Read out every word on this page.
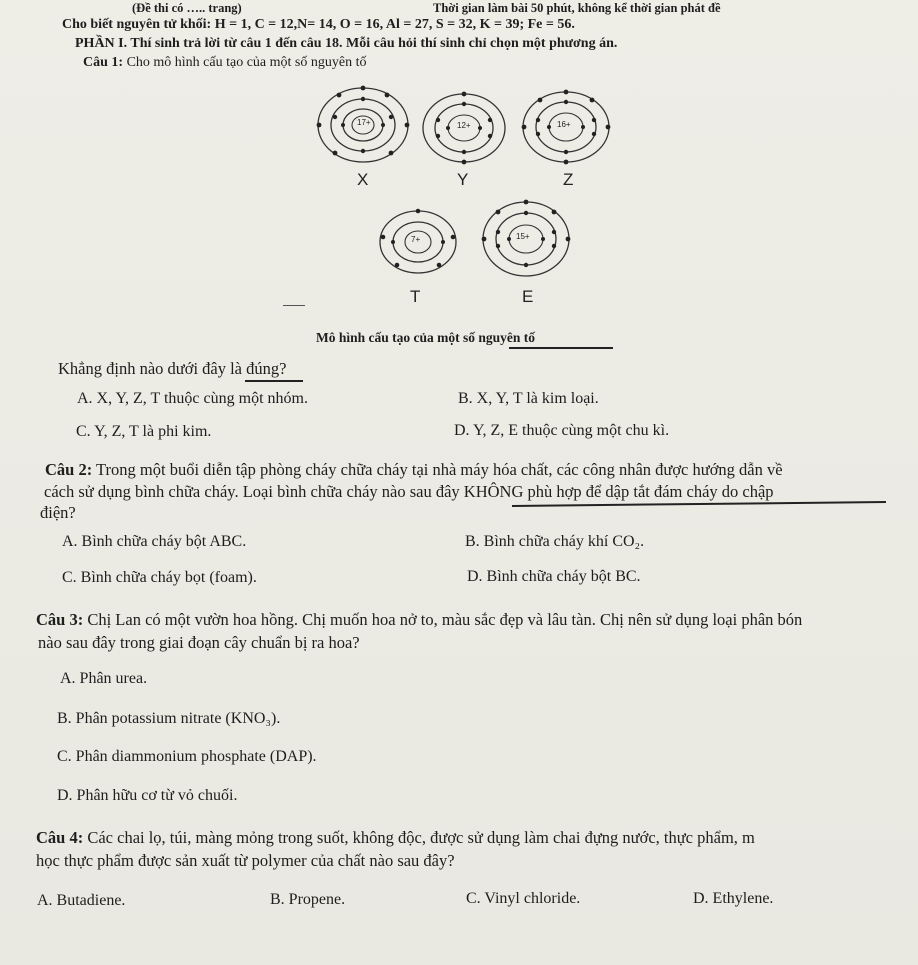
(Đề thi có ….. trang)	Thời gian làm bài 50 phút, không kể thời gian phát đề
Cho biết nguyên tử khối: H = 1, C = 12,N= 14, O = 16, Al = 27, S = 32, K = 39; Fe = 56.
PHẦN I. Thí sinh trả lời từ câu 1 đến câu 18. Mỗi câu hỏi thí sinh chỉ chọn một phương án.
Câu 1: Cho mô hình cấu tạo của một số nguyên tố
17+
X
12+
Y
16+
Z
7+
T
15+
E
Mô hình cấu tạo của một số nguyên tố
Khẳng định nào dưới đây là đúng?
A. X, Y, Z, T thuộc cùng một nhóm.	B. X, Y, T là kim loại.
C. Y, Z, T là phi kim.	D. Y, Z, E thuộc cùng một chu kì.
Câu 2: Trong một buổi diễn tập phòng cháy chữa cháy tại nhà máy hóa chất, các công nhân được hướng dẫn về
cách sử dụng bình chữa cháy. Loại bình chữa cháy nào sau đây KHÔNG phù hợp để dập tắt đám cháy do chập
điện?
A. Bình chữa cháy bột ABC.	B. Bình chữa cháy khí CO₂.
C. Bình chữa cháy bọt (foam).	D. Bình chữa cháy bột BC.
Câu 3: Chị Lan có một vườn hoa hồng. Chị muốn hoa nở to, màu sắc đẹp và lâu tàn. Chị nên sử dụng loại phân bón
nào sau đây trong giai đoạn cây chuẩn bị ra hoa?
A. Phân urea.
B. Phân potassium nitrate (KNO₃).
C. Phân diammonium phosphate (DAP).
D. Phân hữu cơ từ vỏ chuối.
Câu 4: Các chai lọ, túi, màng mỏng trong suốt, không độc, được sử dụng làm chai đựng nước, thực phẩm, m
học thực phẩm được sản xuất từ polymer của chất nào sau đây?
A. Butadiene.	B. Propene.	C. Vinyl chloride.	D. Ethylene.
